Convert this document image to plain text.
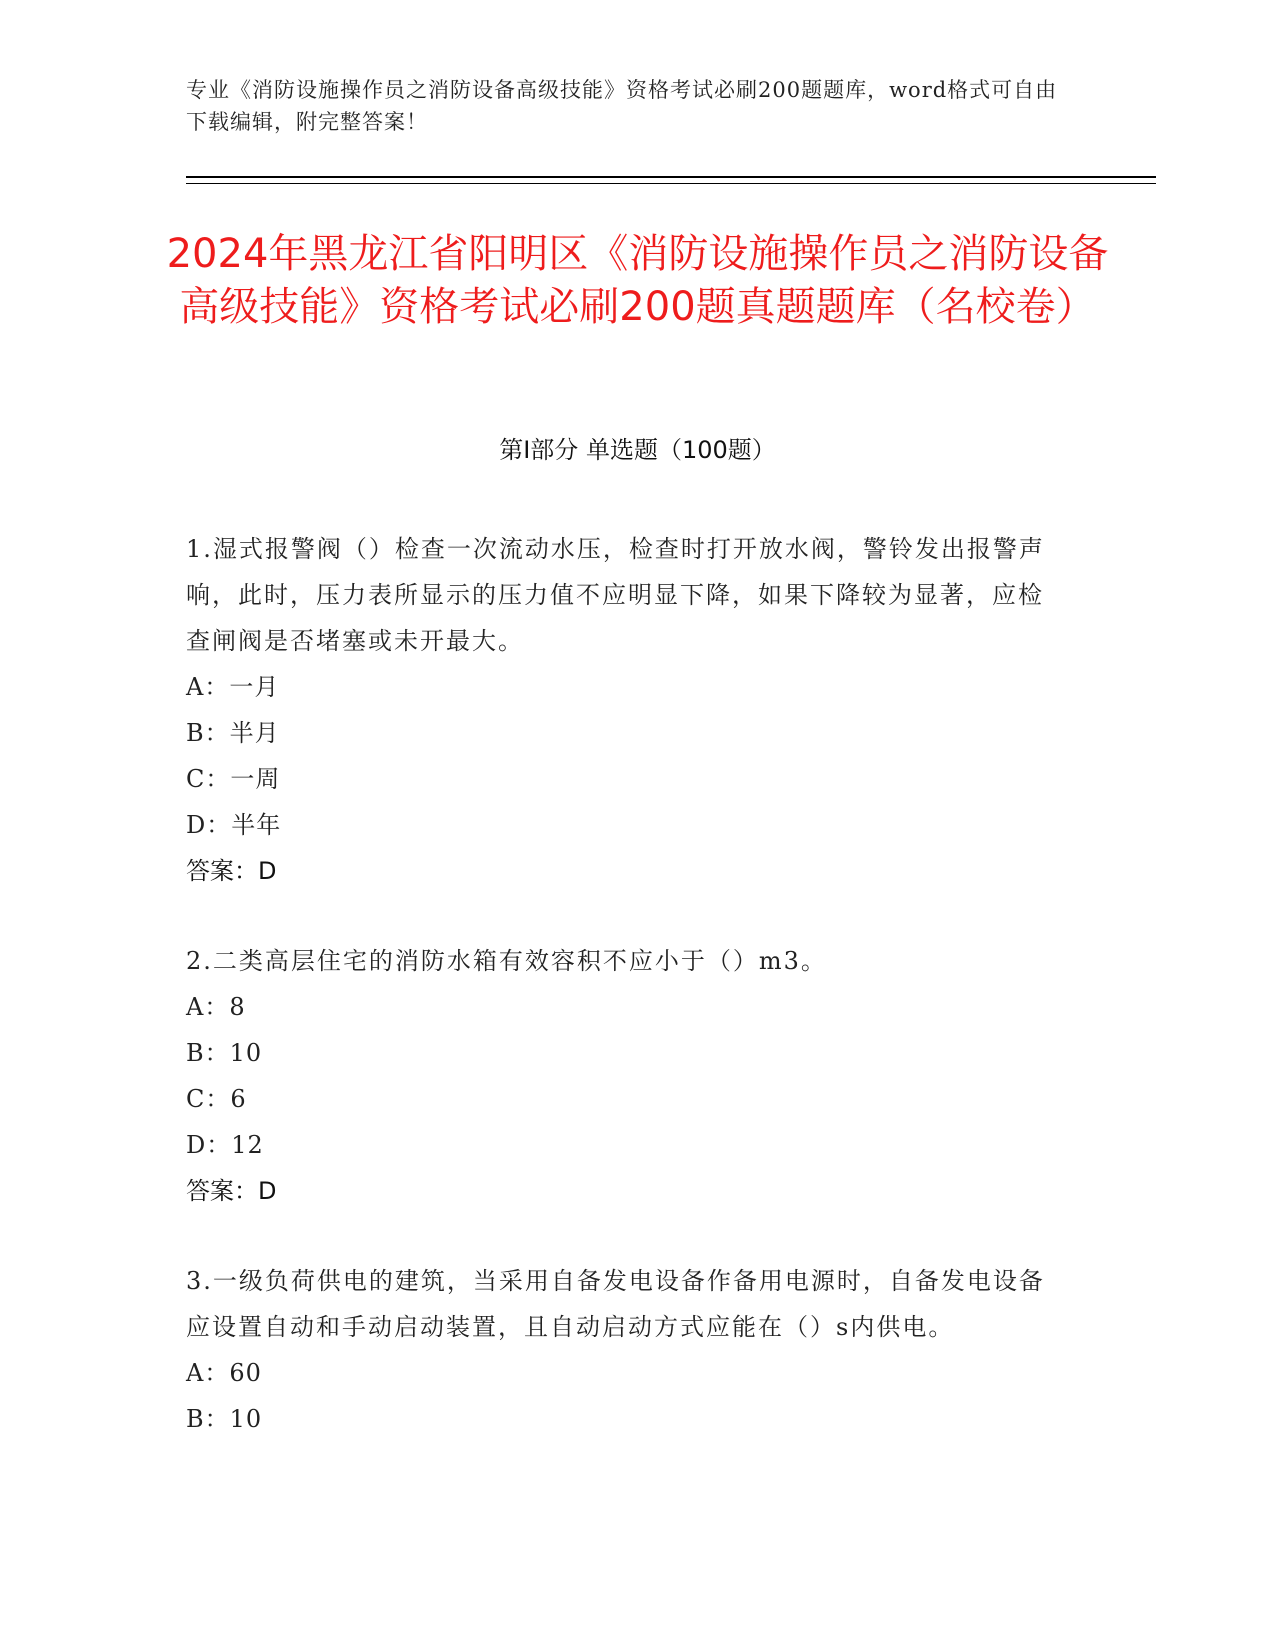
专业《消防设施操作员之消防设备高级技能》资格考试必刷200题题库，word格式可自由下载编辑，附完整答案！
2024年黑龙江省阳明区《消防设施操作员之消防设备高级技能》资格考试必刷200题真题题库（名校卷）
第Ⅰ部分 单选题（100题）
1.湿式报警阀（）检查一次流动水压，检查时打开放水阀，警铃发出报警声响，此时，压力表所显示的压力值不应明显下降，如果下降较为显著，应检查闸阀是否堵塞或未开最大。
A：一月
B：半月
C：一周
D：半年
答案：D
2.二类高层住宅的消防水箱有效容积不应小于（）m3。
A：8
B：10
C：6
D：12
答案：D
3.一级负荷供电的建筑，当采用自备发电设备作备用电源时，自备发电设备应设置自动和手动启动装置，且自动启动方式应能在（）s内供电。
A：60
B：10
